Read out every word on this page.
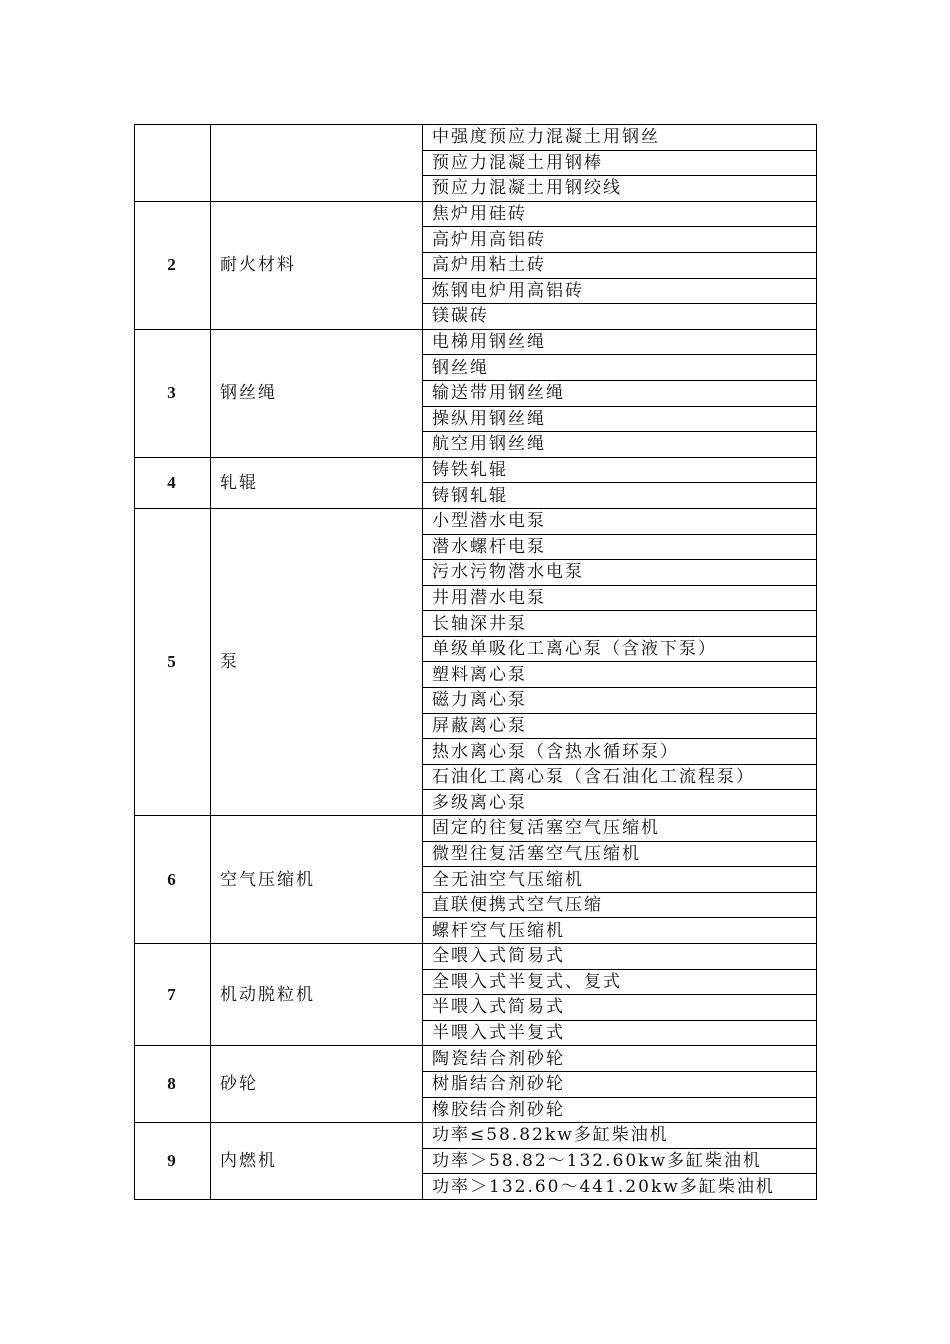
		中强度预应力混凝土用钢丝
		预应力混凝土用钢棒
		预应力混凝土用钢绞线
2	耐火材料	焦炉用硅砖
		高炉用高铝砖
		高炉用粘土砖
		炼钢电炉用高铝砖
		镁碳砖
3	钢丝绳	电梯用钢丝绳
		钢丝绳
		输送带用钢丝绳
		操纵用钢丝绳
		航空用钢丝绳
4	轧辊	铸铁轧辊
		铸钢轧辊
5	泵	小型潜水电泵
		潜水螺杆电泵
		污水污物潜水电泵
		井用潜水电泵
		长轴深井泵
		单级单吸化工离心泵（含液下泵）
		塑料离心泵
		磁力离心泵
		屏蔽离心泵
		热水离心泵（含热水循环泵）
		石油化工离心泵（含石油化工流程泵）
		多级离心泵
6	空气压缩机	固定的往复活塞空气压缩机
		微型往复活塞空气压缩机
		全无油空气压缩机
		直联便携式空气压缩
		螺杆空气压缩机
7	机动脱粒机	全喂入式简易式
		全喂入式半复式、复式
		半喂入式简易式
		半喂入式半复式
8	砂轮	陶瓷结合剂砂轮
		树脂结合剂砂轮
		橡胶结合剂砂轮
9	内燃机	功率≤58.82kw多缸柴油机
		功率＞58.82～132.60kw多缸柴油机
		功率＞132.60～441.20kw多缸柴油机
